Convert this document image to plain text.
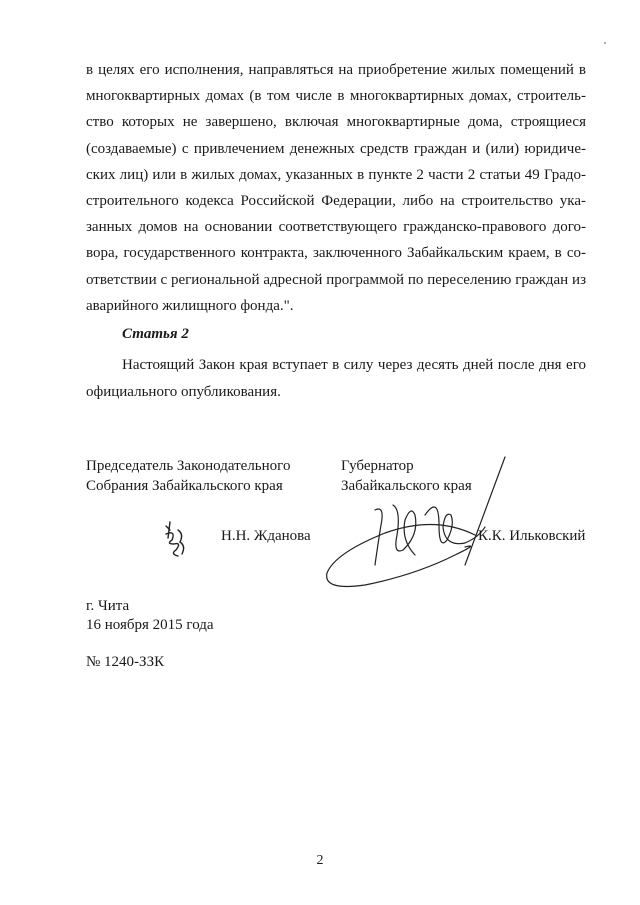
в целях его исполнения, направляться на приобретение жилых помещений в
многоквартирных домах (в том числе в многоквартирных домах, строитель-
ство которых не завершено, включая многоквартирные дома, строящиеся
(создаваемые) с привлечением денежных средств граждан и (или) юридиче-
ских лиц) или в жилых домах, указанных в пункте 2 части 2 статьи 49 Градо-
строительного кодекса Российской Федерации, либо на строительство ука-
занных домов на основании соответствующего гражданско-правового дого-
вора, государственного контракта, заключенного Забайкальским краем, в со-
ответствии с региональной адресной программой по переселению граждан из
аварийного жилищного фонда.".
Статья 2
Настоящий Закон края вступает в силу через десять дней после дня его
официального опубликования.
Председатель Законодательного
Собрания Забайкальского края
Губернатор
Забайкальского края
Н.Н. Жданова	К.К. Ильковский
г. Чита
16 ноября 2015 года
№ 1240-ЗЗК
2
